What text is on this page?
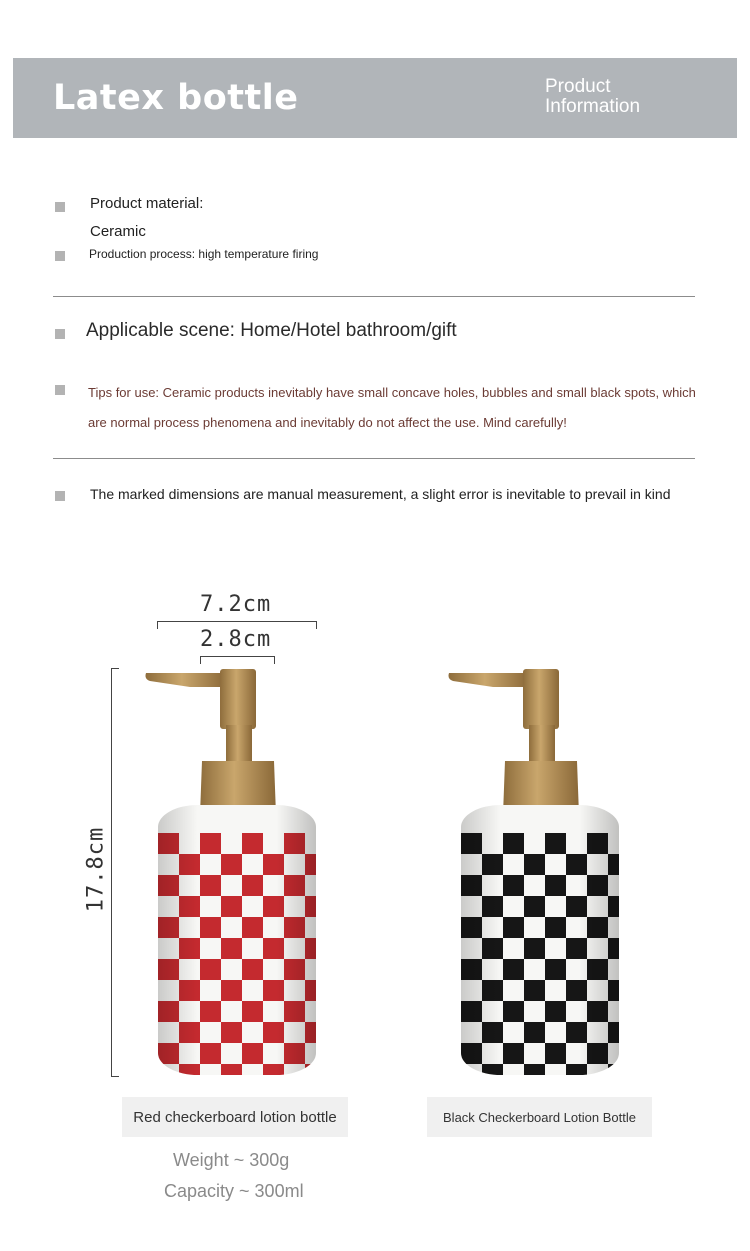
Latex bottle	Product
Information
Product material:
Ceramic
Production process: high temperature firing
Applicable scene: Home/Hotel bathroom/gift
Tips for use: Ceramic products inevitably have small concave holes, bubbles and small black spots, which are normal process phenomena and inevitably do not affect the use. Mind carefully!
The marked dimensions are manual measurement, a slight error is inevitable to prevail in kind
7.2cm
2.8cm
17.8cm
Red checkerboard lotion bottle	Black Checkerboard Lotion Bottle
Weight ~ 300g
Capacity ~ 300ml
